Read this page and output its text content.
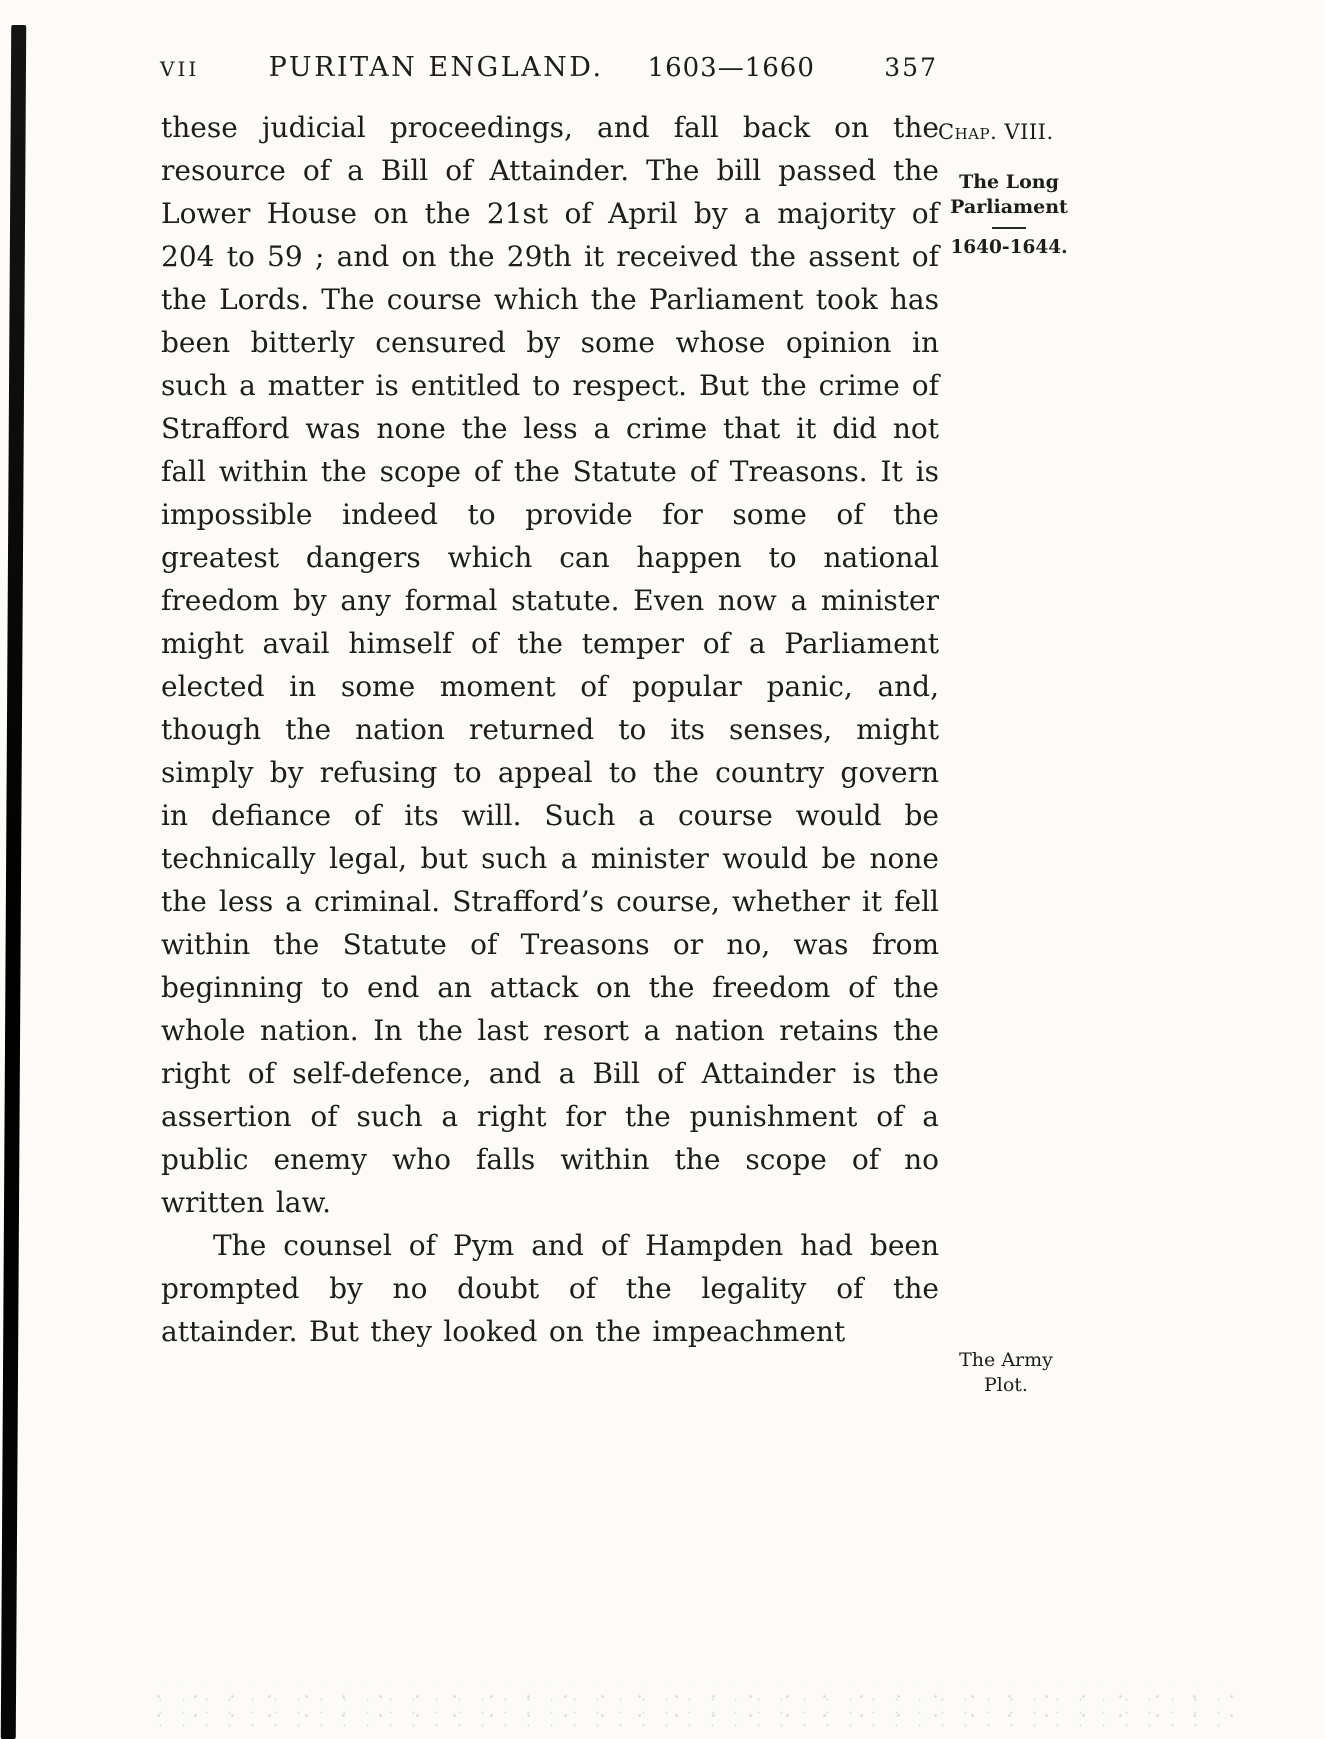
VII	PURITAN ENGLAND. 1603—1660	357

these judicial proceedings, and fall back on the resource of a Bill of Attainder. The bill passed the Lower House on the 21st of April by a majority of 204 to 59 ; and on the 29th it received the assent of the Lords. The course which the Parliament took has been bitterly censured by some whose opinion in such a matter is entitled to respect. But the crime of Strafford was none the less a crime that it did not fall within the scope of the Statute of Treasons. It is impossible indeed to provide for some of the greatest dangers which can happen to national freedom by any formal statute. Even now a minister might avail himself of the temper of a Parliament elected in some moment of popular panic, and, though the nation returned to its senses, might simply by refusing to appeal to the country govern in defiance of its will. Such a course would be technically legal, but such a minister would be none the less a criminal. Strafford’s course, whether it fell within the Statute of Treasons or no, was from beginning to end an attack on the freedom of the whole nation. In the last resort a nation retains the right of self-defence, and a Bill of Attainder is the assertion of such a right for the punishment of a public enemy who falls within the scope of no written law.

The counsel of Pym and of Hampden had been prompted by no doubt of the legality of the attainder. But they looked on the impeachment

Chap. VIII.
The Long
Parliament
1640-1644.
The Army
Plot.
